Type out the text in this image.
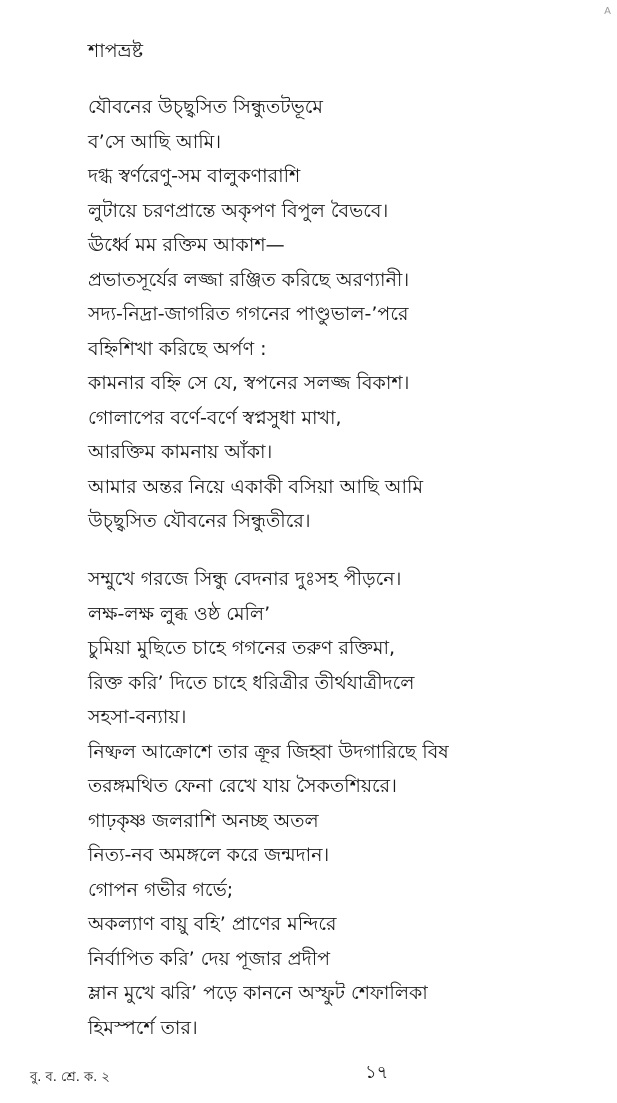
A
শাপভ্রষ্ট
যৌবনের উচ্ছ্বসিত সিন্ধুতটভূমে
ব’সে আছি আমি।
দগ্ধ স্বর্ণরেণু-সম বালুকণারাশি
লুটায়ে চরণপ্রান্তে অকৃপণ বিপুল বৈভবে।
ঊর্ধ্বে মম রক্তিম আকাশ—
প্রভাতসূর্যের লজ্জা রঞ্জিত করিছে অরণ্যানী।
সদ্য-নিদ্রা-জাগরিত গগনের পাণ্ডুভাল-’পরে
বহ্নিশিখা করিছে অর্পণ :
কামনার বহ্নি সে যে, স্বপনের সলজ্জ বিকাশ।
গোলাপের বর্ণে-বর্ণে স্বপ্নসুধা মাখা,
আরক্তিম কামনায় আঁকা।
আমার অন্তর নিয়ে একাকী বসিয়া আছি আমি
উচ্ছ্বসিত যৌবনের সিন্ধুতীরে।
সম্মুখে গরজে সিন্ধু বেদনার দুঃসহ পীড়নে।
লক্ষ-লক্ষ লুব্ধ ওষ্ঠ মেলি’
চুমিয়া মুছিতে চাহে গগনের তরুণ রক্তিমা,
রিক্ত করি’ দিতে চাহে ধরিত্রীর তীর্থযাত্রীদলে
সহসা-বন্যায়।
নিষ্ফল আক্রোশে তার ক্রূর জিহ্বা উদগারিছে বিষ
তরঙ্গমথিত ফেনা রেখে যায় সৈকতশিয়রে।
গাঢ়কৃষ্ণ জলরাশি অনচ্ছ অতল
নিত্য-নব অমঙ্গলে করে জন্মদান।
গোপন গভীর গর্ভে;
অকল্যাণ বায়ু বহি’ প্রাণের মন্দিরে
নির্বাপিত করি’ দেয় পূজার প্রদীপ
ম্লান মুখে ঝরি’ পড়ে কাননে অস্ফুট শেফালিকা
হিমস্পর্শে তার।
বু. ব. শ্রে. ক. ২	১৭
